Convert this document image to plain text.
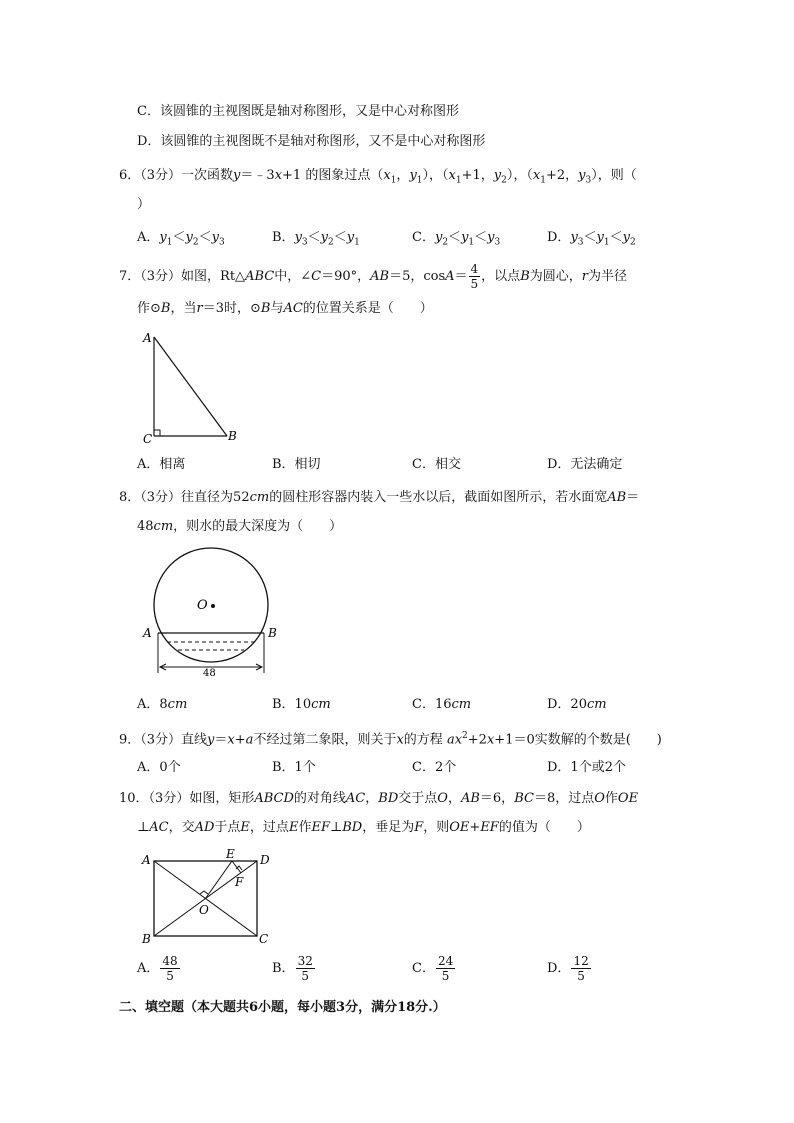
C．该圆锥的主视图既是轴对称图形，又是中心对称图形
D．该圆锥的主视图既不是轴对称图形，又不是中心对称图形
6．（3分）一次函数y＝﹣3x+1 的图象过点（$x_1$，$y_1$），（$x_1+1$，$y_2$），（$x_1+2$，$y_3$），则（
）
A．$y_1<y_2<y_3$	B．$y_3<y_2<y_1$	C．$y_2<y_1<y_3$	D．$y_3<y_1<y_2$
7．（3分）如图，Rt△ABC中，∠C＝90°，AB＝5，$\cos A= \frac{4}{5}$ ，以点B为圆心，r为半径
作⊙B，当r＝3时，⊙B与AC的位置关系是（　　）
A
B
C
A．相离	B．相切	C．相交	D．无法确定
8．（3分）往直径为52cm的圆柱形容器内装入一些水以后，截面如图所示，若水面宽AB＝
48cm，则水的最大深度为（　　）
O
A	B
48
A．8cm	B．10cm	C．16cm	D．20cm
9．（3分）直线y＝x+a不经过第二象限，则关于x的方程 $ax^2+2x+1=0$实数解的个数是(　　)
A．0个	B．1个	C．2个	D．1个或2个
10．（3分）如图，矩形ABCD的对角线AC，BD交于点O，AB＝6，BC＝8，过点O作OE
⊥AC，交AD于点E，过点E作EF⊥BD，垂足为F，则OE+EF的值为（　　）
A	E D
F
O
B	C
A． $\frac{48}{5}$	B． $\frac{32}{5}$	C． $\frac{24}{5}$	D． $\frac{12}{5}$
二、填空题（本大题共6小题，每小题3分，满分18分.）
